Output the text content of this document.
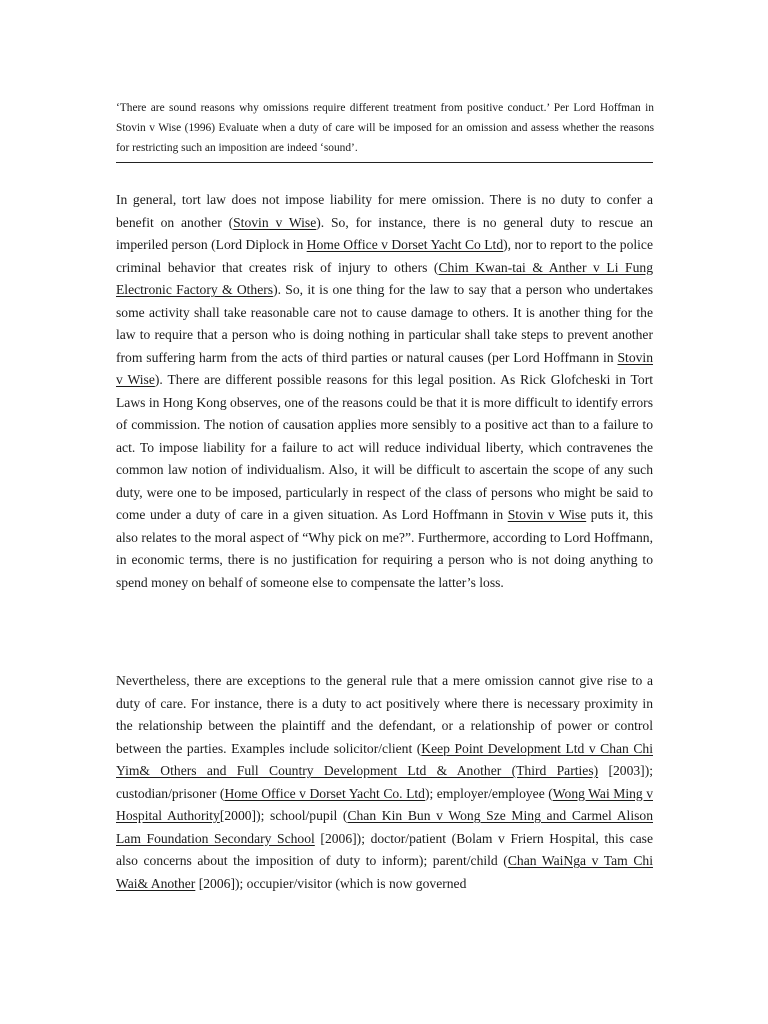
‘There are sound reasons why omissions require different treatment from positive conduct.’ Per Lord Hoffman in Stovin v Wise (1996) Evaluate when a duty of care will be imposed for an omission and assess whether the reasons for restricting such an imposition are indeed ‘sound’.

In general, tort law does not impose liability for mere omission. There is no duty to confer a benefit on another (Stovin v Wise). So, for instance, there is no general duty to rescue an imperiled person (Lord Diplock in Home Office v Dorset Yacht Co Ltd), nor to report to the police criminal behavior that creates risk of injury to others (Chim Kwan-tai & Anther v Li Fung Electronic Factory & Others). So, it is one thing for the law to say that a person who undertakes some activity shall take reasonable care not to cause damage to others. It is another thing for the law to require that a person who is doing nothing in particular shall take steps to prevent another from suffering harm from the acts of third parties or natural causes (per Lord Hoffmann in Stovin v Wise). There are different possible reasons for this legal position. As Rick Glofcheski in Tort Laws in Hong Kong observes, one of the reasons could be that it is more difficult to identify errors of commission. The notion of causation applies more sensibly to a positive act than to a failure to act. To impose liability for a failure to act will reduce individual liberty, which contravenes the common law notion of individualism. Also, it will be difficult to ascertain the scope of any such duty, were one to be imposed, particularly in respect of the class of persons who might be said to come under a duty of care in a given situation. As Lord Hoffmann in Stovin v Wise puts it, this also relates to the moral aspect of “Why pick on me?”. Furthermore, according to Lord Hoffmann, in economic terms, there is no justification for requiring a person who is not doing anything to spend money on behalf of someone else to compensate the latter’s loss.

Nevertheless, there are exceptions to the general rule that a mere omission cannot give rise to a duty of care. For instance, there is a duty to act positively where there is necessary proximity in the relationship between the plaintiff and the defendant, or a relationship of power or control between the parties. Examples include solicitor/client (Keep Point Development Ltd v Chan Chi Yim& Others and Full Country Development Ltd & Another (Third Parties) [2003]); custodian/prisoner (Home Office v Dorset Yacht Co. Ltd); employer/employee (Wong Wai Ming v Hospital Authority[2000]); school/pupil (Chan Kin Bun v Wong Sze Ming and Carmel Alison Lam Foundation Secondary School [2006]); doctor/patient (Bolam v Friern Hospital, this case also concerns about the imposition of duty to inform); parent/child (Chan WaiNga v Tam Chi Wai& Another [2006]); occupier/visitor (which is now governed
